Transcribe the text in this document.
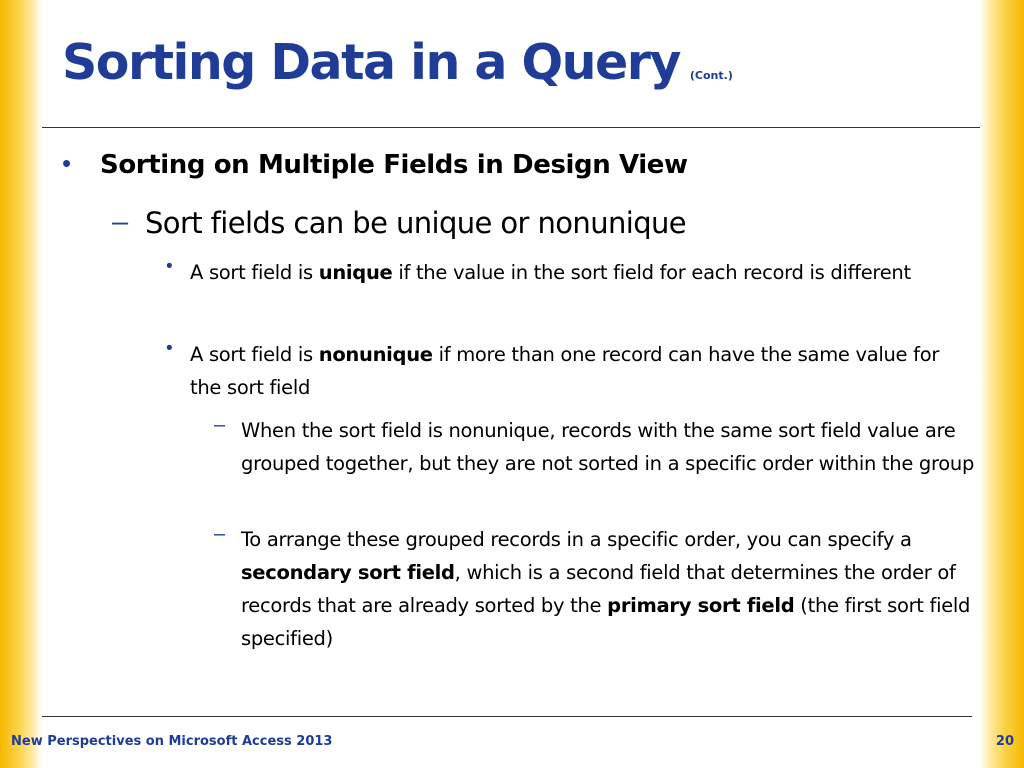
Sorting Data in a Query (Cont.)
• Sorting on Multiple Fields in Design View

– Sort fields can be unique or nonunique

• A sort field is unique if the value in the sort field for each record is different

• A sort field is nonunique if more than one record can have the same value for the sort field

– When the sort field is nonunique, records with the same sort field value are grouped together, but they are not sorted in a specific order within the group

– To arrange these grouped records in a specific order, you can specify a secondary sort field, which is a second field that determines the order of records that are already sorted by the primary sort field (the first sort field specified)

New Perspectives on Microsoft Access 2013	20
